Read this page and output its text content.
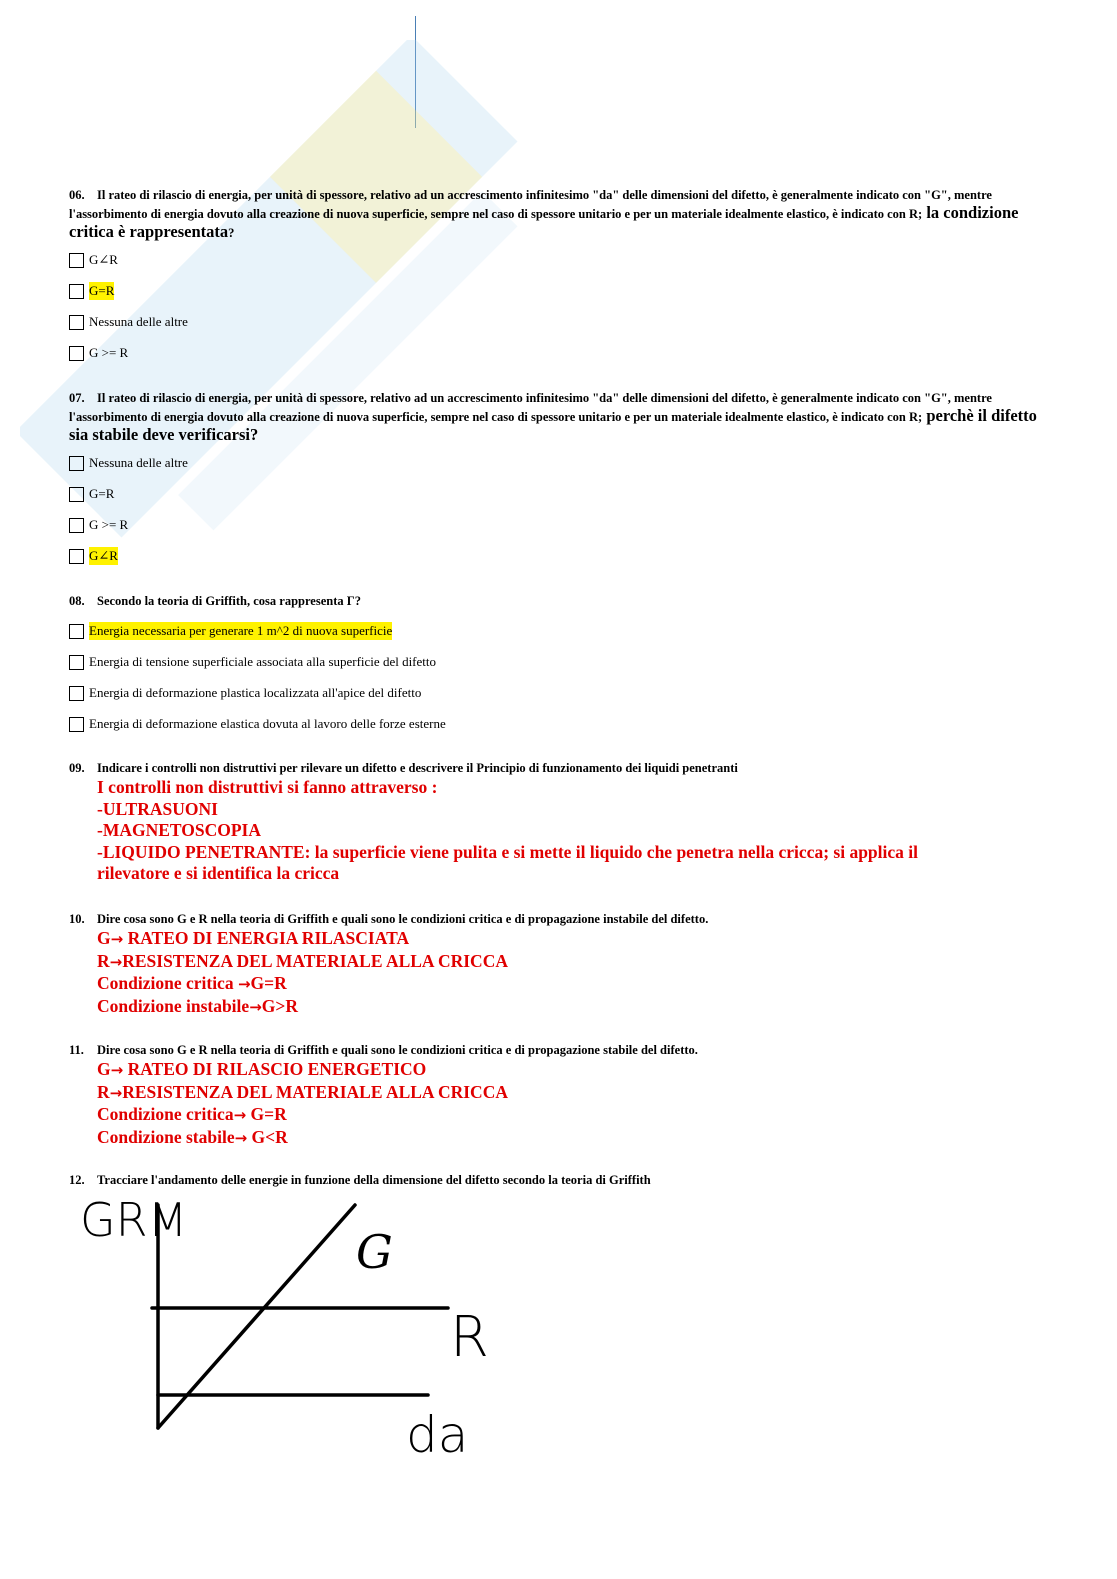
06. Il rateo di rilascio di energia, per unità di spessore, relativo ad un accrescimento infinitesimo "da" delle dimensioni del difetto, è generalmente indicato con "G", mentre l'assorbimento di energia dovuto alla creazione di nuova superficie, sempre nel caso di spessore unitario e per un materiale idealmente elastico, è indicato con R; la condizione critica è rappresentata?
G∠R
G=R
Nessuna delle altre
G >= R
07. Il rateo di rilascio di energia, per unità di spessore, relativo ad un accrescimento infinitesimo "da" delle dimensioni del difetto, è generalmente indicato con "G", mentre l'assorbimento di energia dovuto alla creazione di nuova superficie, sempre nel caso di spessore unitario e per un materiale idealmente elastico, è indicato con R; perchè il difetto sia stabile deve verificarsi?
Nessuna delle altre
G=R
G >= R
G∠R
08. Secondo la teoria di Griffith, cosa rappresenta Γ?
Energia necessaria per generare 1 m^2 di nuova superficie
Energia di tensione superficiale associata alla superficie del difetto
Energia di deformazione plastica localizzata all'apice del difetto
Energia di deformazione elastica dovuta al lavoro delle forze esterne
09. Indicare i controlli non distruttivi per rilevare un difetto e descrivere il Principio di funzionamento dei liquidi penetranti
I controlli non distruttivi si fanno attraverso :
-ULTRASUONI
-MAGNETOSCOPIA
-LIQUIDO PENETRANTE: la superficie viene pulita e si mette il liquido che penetra nella cricca; si applica il
rilevatore e si identifica la cricca
10. Dire cosa sono G e R nella teoria di Griffith e quali sono le condizioni critica e di propagazione instabile del difetto.
G→ RATEO DI ENERGIA RILASCIATA
R→RESISTENZA DEL MATERIALE ALLA CRICCA
Condizione critica →G=R
Condizione instabile→G>R
11. Dire cosa sono G e R nella teoria di Griffith e quali sono le condizioni critica e di propagazione stabile del difetto.
G→ RATEO DI RILASCIO ENERGETICO
R→RESISTENZA DEL MATERIALE ALLA CRICCA
Condizione critica→ G=R
Condizione stabile→ G<R
12. Tracciare l'andamento delle energie in funzione della dimensione del difetto secondo la teoria di Griffith
GRM
G
R
da
